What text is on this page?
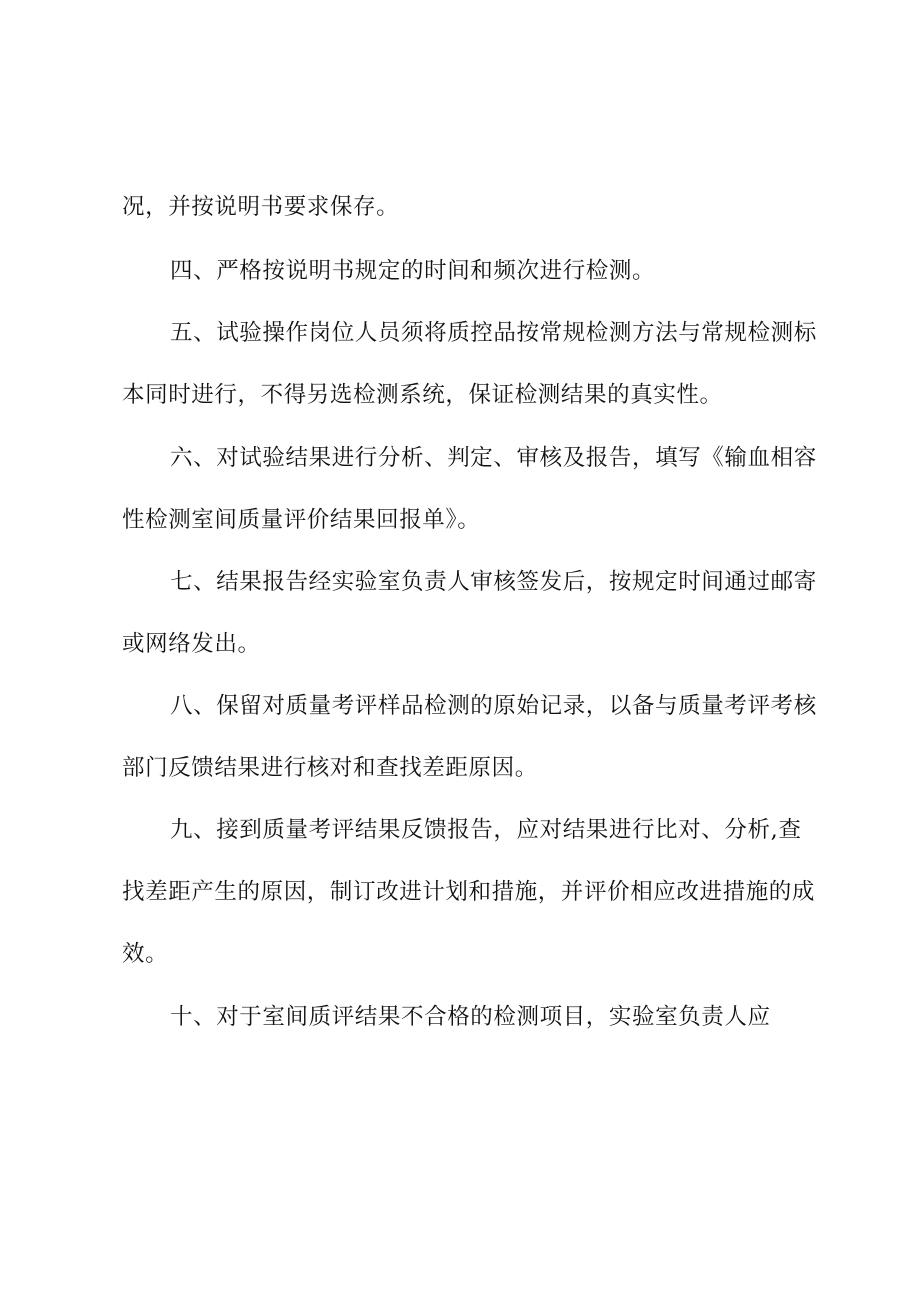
况，并按说明书要求保存。
四、严格按说明书规定的时间和频次进行检测。
五、试验操作岗位人员须将质控品按常规检测方法与常规检测标
本同时进行，不得另选检测系统，保证检测结果的真实性。
六、对试验结果进行分析、判定、审核及报告，填写《输血相容
性检测室间质量评价结果回报单》。
七、结果报告经实验室负责人审核签发后，按规定时间通过邮寄
或网络发出。
八、保留对质量考评样品检测的原始记录，以备与质量考评考核
部门反馈结果进行核对和查找差距原因。
九、接到质量考评结果反馈报告，应对结果进行比对、分析,查
找差距产生的原因，制订改进计划和措施，并评价相应改进措施的成
效。
十、对于室间质评结果不合格的检测项目，实验室负责人应
